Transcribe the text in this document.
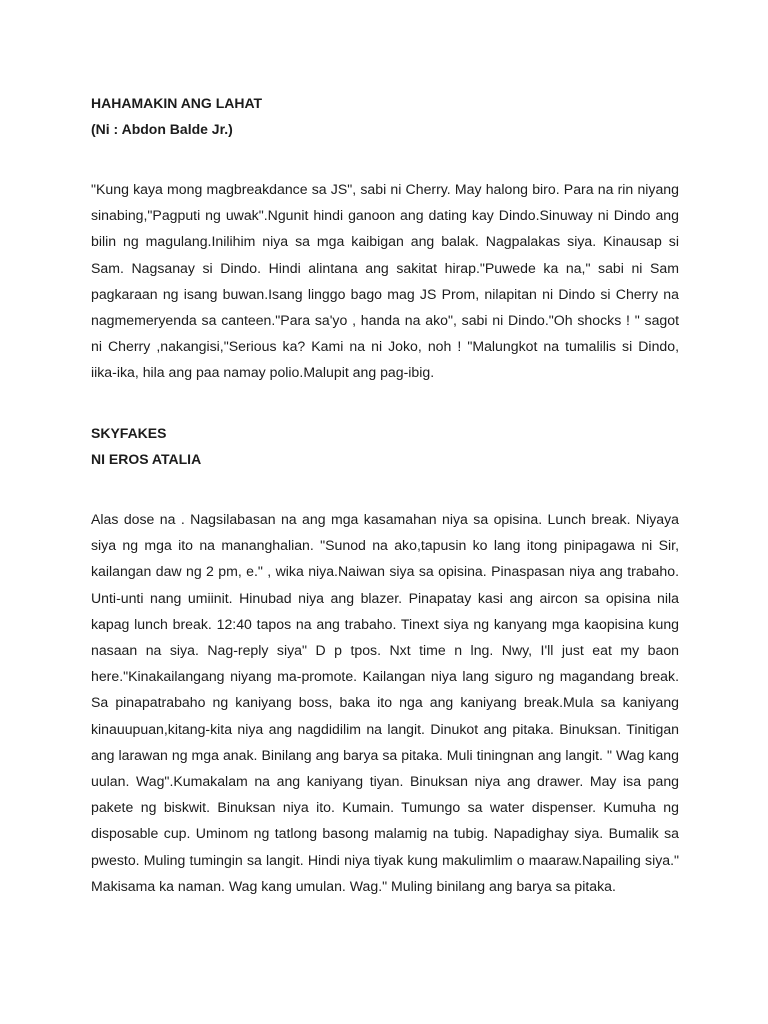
HAHAMAKIN ANG LAHAT
(Ni : Abdon Balde Jr.)

"Kung kaya mong magbreakdance sa JS", sabi ni Cherry. May halong biro. Para na rin niyang sinabing,"Pagputi ng uwak".Ngunit hindi ganoon ang dating kay Dindo.Sinuway ni Dindo ang bilin ng magulang.Inilihim niya sa mga kaibigan ang balak. Nagpalakas siya. Kinausap si Sam. Nagsanay si Dindo. Hindi alintana ang sakitat hirap."Puwede ka na," sabi ni Sam pagkaraan ng isang buwan.Isang linggo bago mag JS Prom, nilapitan ni Dindo si Cherry na nagmemeryenda sa canteen."Para sa'yo , handa na ako", sabi ni Dindo."Oh shocks ! " sagot ni Cherry ,nakangisi,"Serious ka? Kami na ni Joko, noh ! "Malungkot na tumalilis si Dindo, iika-ika, hila ang paa namay polio.Malupit ang pag-ibig.

SKYFAKES
NI EROS ATALIA

Alas dose na . Nagsilabasan na ang mga kasamahan niya sa opisina. Lunch break. Niyaya siya ng mga ito na mananghalian. "Sunod na ako,tapusin ko lang itong pinipagawa ni Sir, kailangan daw ng 2 pm, e." , wika niya.Naiwan siya sa opisina. Pinaspasan niya ang trabaho. Unti-unti nang umiinit. Hinubad niya ang blazer. Pinapatay kasi ang aircon sa opisina nila kapag lunch break. 12:40 tapos na ang trabaho. Tinext siya ng kanyang mga kaopisina kung nasaan na siya. Nag-reply siya" D p tpos. Nxt time n lng. Nwy, I'll just eat my baon here."Kinakailangang niyang ma-promote. Kailangan niya lang siguro ng magandang break. Sa pinapatrabaho ng kaniyang boss, baka ito nga ang kaniyang break.Mula sa kaniyang kinauupuan,kitang-kita niya ang nagdidilim na langit. Dinukot ang pitaka. Binuksan. Tinitigan ang larawan ng mga anak. Binilang ang barya sa pitaka. Muli tiningnan ang langit. " Wag kang uulan. Wag".Kumakalam na ang kaniyang tiyan. Binuksan niya ang drawer. May isa pang pakete ng biskwit. Binuksan niya ito. Kumain. Tumungo sa water dispenser. Kumuha ng disposable cup. Uminom ng tatlong basong malamig na tubig. Napadighay siya. Bumalik sa pwesto. Muling tumingin sa langit. Hindi niya tiyak kung makulimlim o maaraw.Napailing siya." Makisama ka naman. Wag kang umulan. Wag." Muling binilang ang barya sa pitaka.
